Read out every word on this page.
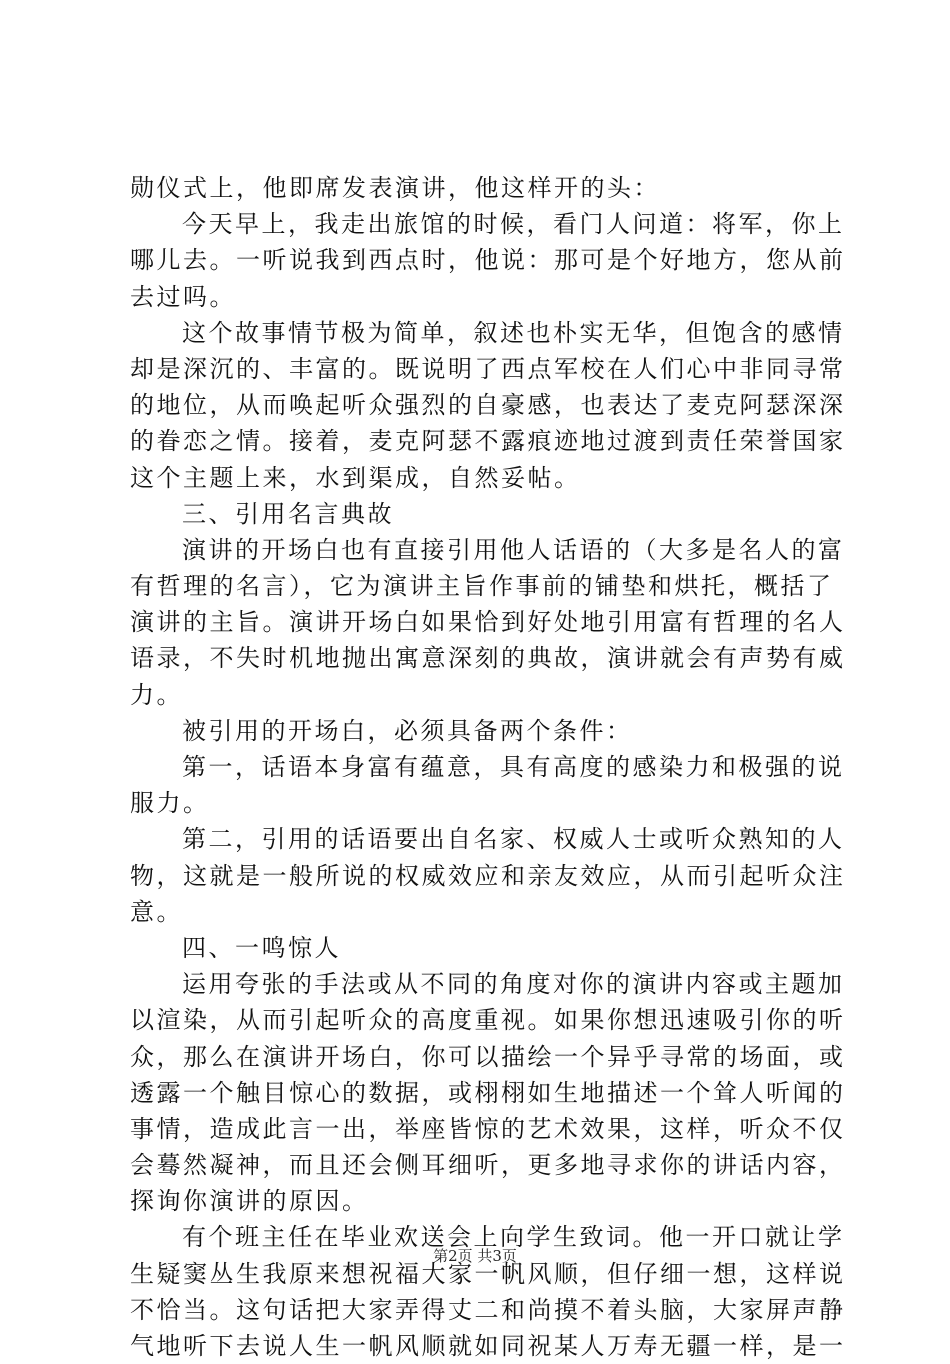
勋仪式上，他即席发表演讲，他这样开的头：
今天早上，我走出旅馆的时候，看门人问道：将军，你上
哪儿去。一听说我到西点时，他说：那可是个好地方，您从前
去过吗。
这个故事情节极为简单，叙述也朴实无华，但饱含的感情
却是深沉的、丰富的。既说明了西点军校在人们心中非同寻常
的地位，从而唤起听众强烈的自豪感，也表达了麦克阿瑟深深
的眷恋之情。接着，麦克阿瑟不露痕迹地过渡到责任荣誉国家
这个主题上来，水到渠成，自然妥帖。
三、引用名言典故
演讲的开场白也有直接引用他人话语的（大多是名人的富
有哲理的名言），它为演讲主旨作事前的铺垫和烘托，概括了
演讲的主旨。演讲开场白如果恰到好处地引用富有哲理的名人
语录，不失时机地抛出寓意深刻的典故，演讲就会有声势有威
力。
被引用的开场白，必须具备两个条件：
第一，话语本身富有蕴意，具有高度的感染力和极强的说
服力。
第二，引用的话语要出自名家、权威人士或听众熟知的人
物，这就是一般所说的权威效应和亲友效应，从而引起听众注
意。
四、一鸣惊人
运用夸张的手法或从不同的角度对你的演讲内容或主题加
以渲染，从而引起听众的高度重视。如果你想迅速吸引你的听
众，那么在演讲开场白，你可以描绘一个异乎寻常的场面，或
透露一个触目惊心的数据，或栩栩如生地描述一个耸人听闻的
事情，造成此言一出，举座皆惊的艺术效果，这样，听众不仅
会蓦然凝神，而且还会侧耳细听，更多地寻求你的讲话内容，
探询你演讲的原因。
有个班主任在毕业欢送会上向学生致词。他一开口就让学
生疑窦丛生我原来想祝福大家一帆风顺，但仔细一想，这样说
不恰当。这句话把大家弄得丈二和尚摸不着头脑，大家屏声静
气地听下去说人生一帆风顺就如同祝某人万寿无疆一样，是一
第2页 共3页
